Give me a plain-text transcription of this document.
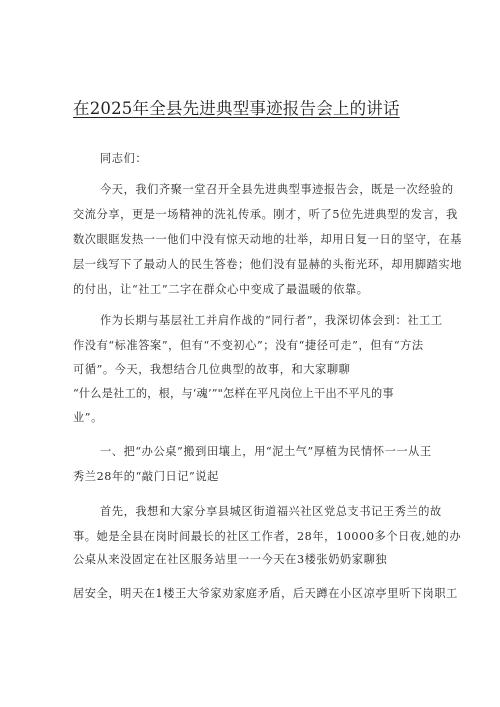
在2025年全县先进典型事迹报告会上的讲话
同志们：
今天，我们齐聚一堂召开全县先进典型事迹报告会，既是一次经验的
交流分享，更是一场精神的洗礼传承。刚才，听了5位先进典型的发言，我
数次眼眶发热一一他们中没有惊天动地的壮举，却用日复一日的坚守，在基
层一线写下了最动人的民生答卷；他们没有显赫的头衔光环，却用脚踏实地
的付出，让“社工”二字在群众心中变成了最温暖的依靠。
作为长期与基层社工并肩作战的“同行者”，我深切体会到：社工工
作没有“标准答案”，但有“不变初心”；没有“捷径可走”，但有“方法
可循”。今天，我想结合几位典型的故事，和大家聊聊
“什么是社工的，根，与‘魂’”"怎样在平凡岗位上干出不平凡的事
业”。
一、把“办公桌”搬到田壤上，用“泥土气”厚植为民情怀一一从王
秀兰28年的“敲门日记”说起
首先，我想和大家分享县城区街道福兴社区党总支书记王秀兰的故
事。她是全县在岗时间最长的社区工作者，28年，10000多个日夜,她的办
公桌从来没固定在社区服务站里一一今天在3楼张奶奶家聊独
居安全，明天在1楼王大爷家劝家庭矛盾，后天蹲在小区凉亭里听下岗职工
